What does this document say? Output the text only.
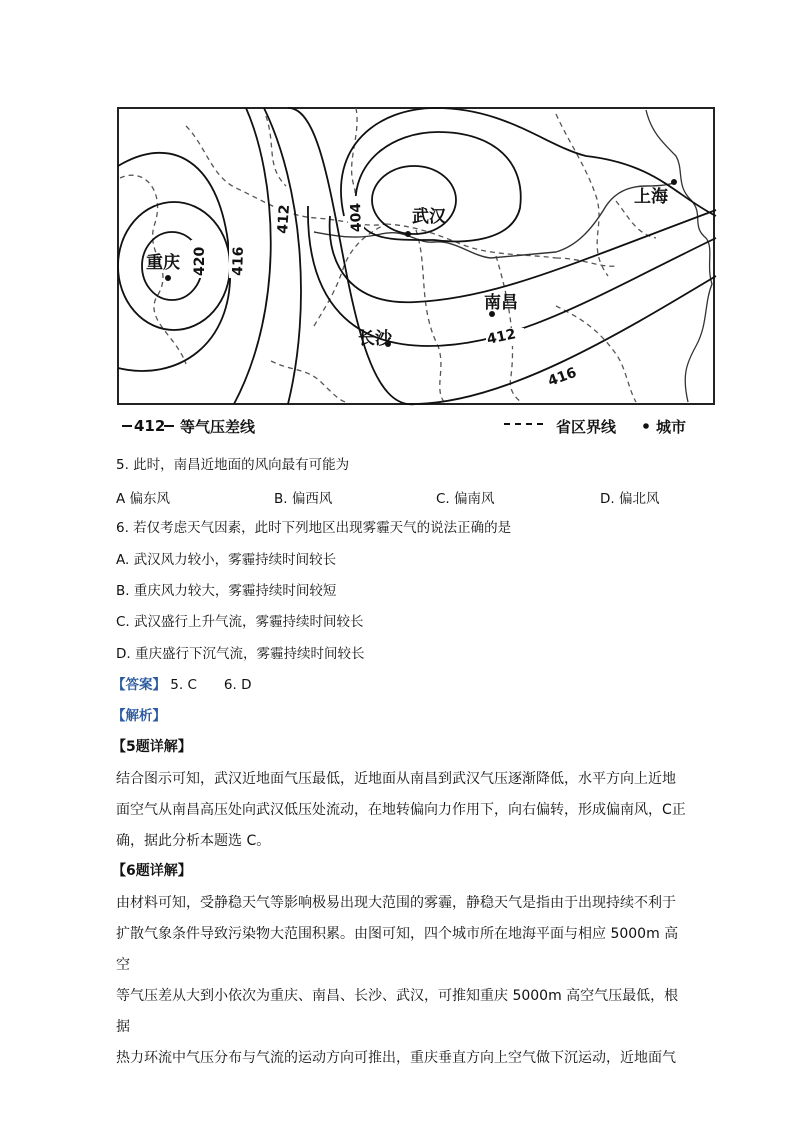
420 416
412	404
412
416
重庆
武汉
上海
南昌
长沙
412 等气压差线	省区界线	城市
5. 此时，南昌近地面的风向最有可能为
A 偏东风	B. 偏西风	C. 偏南风	D. 偏北风
6. 若仅考虑天气因素，此时下列地区出现雾霾天气的说法正确的是
A. 武汉风力较小，雾霾持续时间较长
B. 重庆风力较大，雾霾持续时间较短
C. 武汉盛行上升气流，雾霾持续时间较长
D. 重庆盛行下沉气流，雾霾持续时间较长
【答案】 5. C　　6. D
【解析】
【5题详解】
结合图示可知，武汉近地面气压最低，近地面从南昌到武汉气压逐渐降低，水平方向上近地
面空气从南昌高压处向武汉低压处流动，在地转偏向力作用下，向右偏转，形成偏南风，C正
确，据此分析本题选 C。
【6题详解】
由材料可知，受静稳天气等影响极易出现大范围的雾霾，静稳天气是指由于出现持续不利于
扩散气象条件导致污染物大范围积累。由图可知，四个城市所在地海平面与相应 5000m 高空
等气压差从大到小依次为重庆、南昌、长沙、武汉，可推知重庆 5000m 高空气压最低，根据
热力环流中气压分布与气流的运动方向可推出，重庆垂直方向上空气做下沉运动，近地面气
